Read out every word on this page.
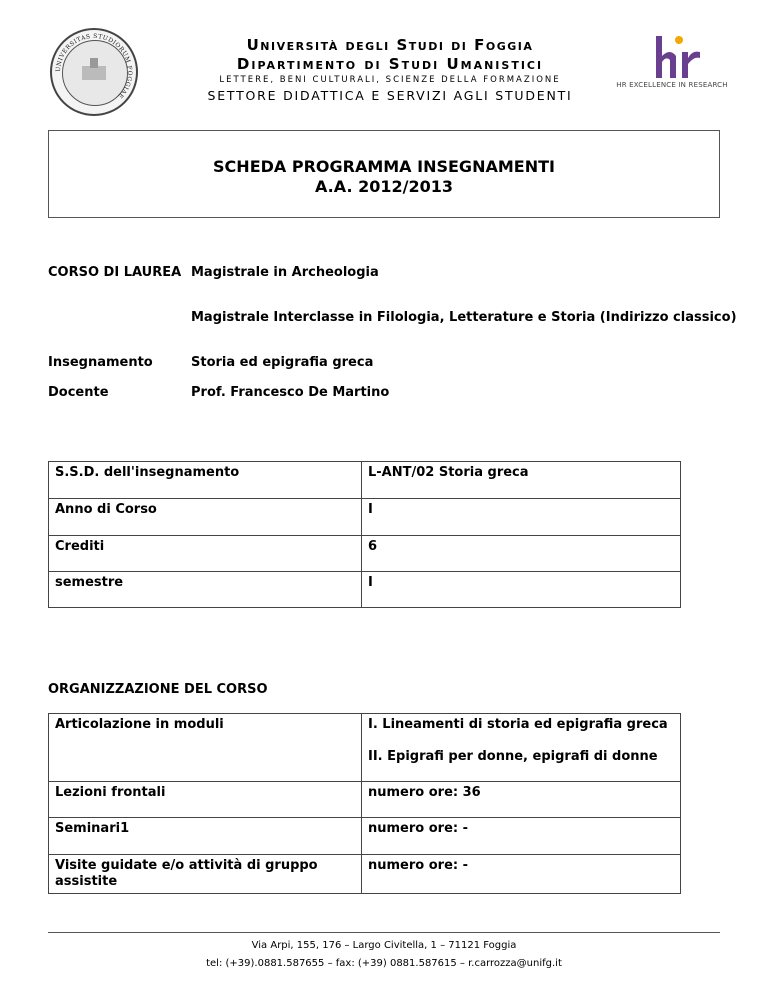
UNIVERSITAS STUDIORUM FOGGIAE
Università degli Studi di Foggia
Dipartimento di Studi Umanistici
LETTERE, BENI CULTURALI, SCIENZE DELLA FORMAZIONE
SETTORE DIDATTICA E SERVIZI AGLI STUDENTI
HR EXCELLENCE IN RESEARCH
SCHEDA PROGRAMMA INSEGNAMENTI
A.A. 2012/2013
CORSO DI LAUREA Magistrale in Archeologia
Magistrale Interclasse in Filologia, Letterature e Storia (Indirizzo classico)
Insegnamento	Storia ed epigrafia greca
Docente	Prof. Francesco De Martino
S.S.D. dell'insegnamento	L-ANT/02 Storia greca
Anno di Corso	I
Crediti	6
semestre	I
ORGANIZZAZIONE DEL CORSO
Articolazione in moduli	I. Lineamenti di storia ed epigrafia greca
II. Epigrafi per donne, epigrafi di donne

Lezioni frontali	numero ore: 36
Seminari1	numero ore: -
Visite guidate e/o attività di gruppo assistite	numero ore: -
Via Arpi, 155, 176 – Largo Civitella, 1 – 71121 Foggia
tel: (+39).0881.587655 – fax: (+39) 0881.587615 – r.carrozza@unifg.it
